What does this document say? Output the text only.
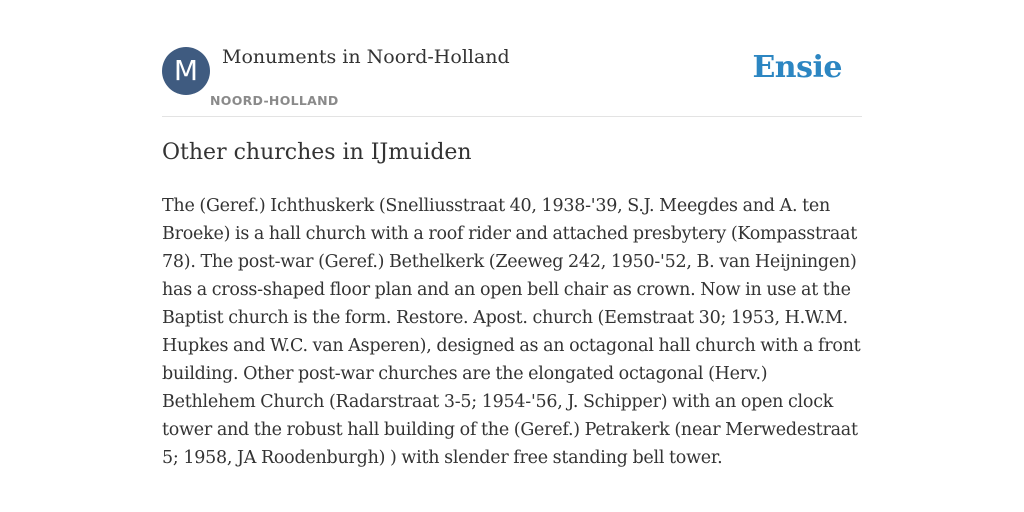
M	Monuments in Noord-Holland
NOORD-HOLLAND
Ensie
Other churches in IJmuiden

The (Geref.) Ichthuskerk (Snelliusstraat 40, 1938-'39, S.J. Meegdes and A. ten Broeke) is a hall church with a roof rider and attached presbytery (Kompasstraat 78). The post-war (Geref.) Bethelkerk (Zeeweg 242, 1950-'52, B. van Heijningen) has a cross-shaped floor plan and an open bell chair as crown. Now in use at the Baptist church is the form. Restore. Apost. church (Eemstraat 30; 1953, H.W.M. Hupkes and W.C. van Asperen), designed as an octagonal hall church with a front building. Other post-war churches are the elongated octagonal (Herv.) Bethlehem Church (Radarstraat 3-5; 1954-'56, J. Schipper) with an open clock tower and the robust hall building of the (Geref.) Petrakerk (near Merwedestraat 5; 1958, JA Roodenburgh) ) with slender free standing bell tower.
